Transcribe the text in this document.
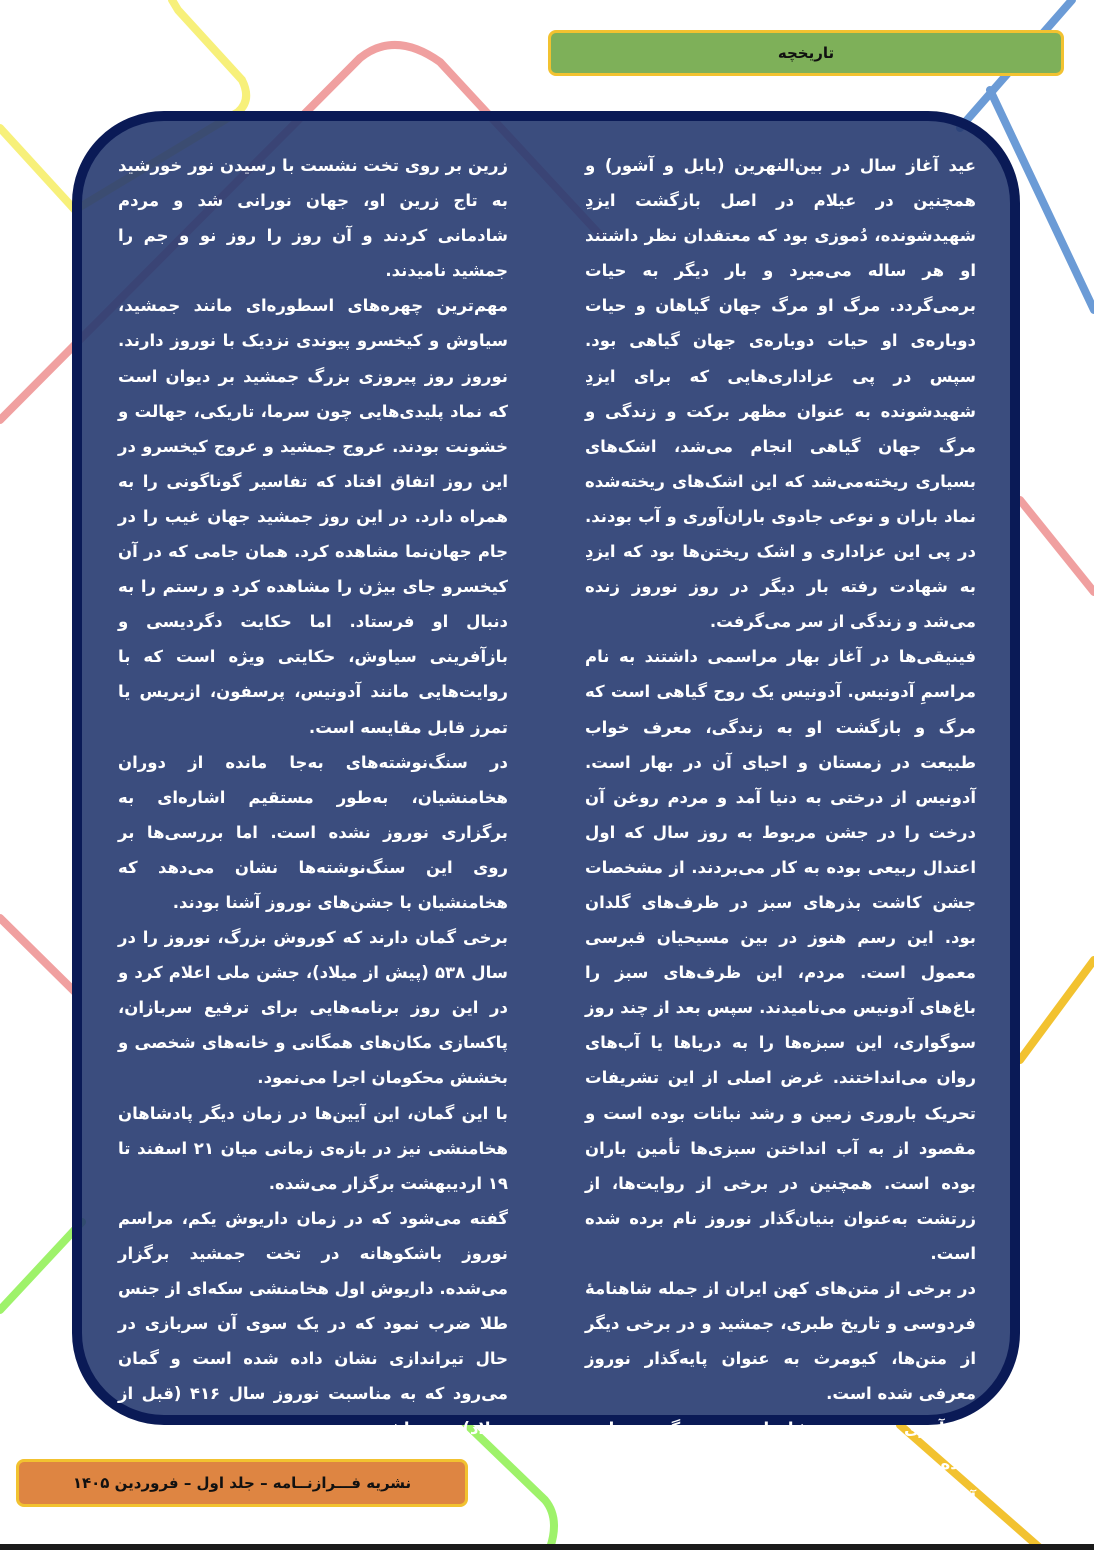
تاریخچه

عید آغاز سال در بین‌النهرین (بابل و آشور) و همچنین در عیلام در اصل بازگشت ایزدِ شهیدشونده، دُموزی بود که معتقدان نظر داشتند او هر ساله می‌میرد و بار دیگر به حیات برمی‌گردد. مرگ او مرگ جهان گیاهان و حیات دوباره‌ی او حیات دوباره‌ی جهان گیاهی بود. سپس در پی عزاداری‌هایی که برای ایزدِ شهیدشونده به عنوان مظهر برکت و زندگی و مرگ جهان گیاهی انجام می‌شد، اشک‌های بسیاری ریخته‌می‌شد که این اشک‌های ریخته‌شده نماد باران و نوعی جادوی باران‌آوری و آب بودند. در پی این عزاداری و اشک ریختن‌ها بود که ایزدِ به شهادت رفته بار دیگر در روز نوروز زنده می‌شد و زندگی از سر می‌گرفت.

فینیقی‌ها در آغاز بهار مراسمی داشتند به نام مراسمِ آدونیس. آدونیس یک روح گیاهی است که مرگ و بازگشت او به زندگی، معرف خواب طبیعت در زمستان و احیای آن در بهار است. آدونیس از درختی به دنیا آمد و مردم روغن آن درخت را در جشن مربوط به روز سال که اول اعتدال ربیعی بوده به کار می‌بردند. از مشخصات جشن کاشت بذرهای سبز در ظرف‌های گلدان بود. این رسم هنوز در بین مسیحیان قبرسی معمول است. مردم، این ظرف‌های سبز را باغ‌های آدونیس می‌نامیدند. سپس بعد از چند روز سوگواری، این سبزه‌ها را به دریاها یا آب‌های روان می‌انداختند. غرض اصلی از این تشریفات تحریک باروری زمین و رشد نباتات بوده است و مقصود از به آب انداختن سبزی‌ها تأمین باران بوده است. همچنین در برخی از روایت‌ها، از زرتشت به‌عنوان بنیان‌گذار نوروز نام برده شده است.

در برخی از متن‌های کهن ایران از جمله شاهنامۀ فردوسی و تاریخ طبری، جمشید و در برخی دیگر از متن‌ها، کیومرث به عنوان پایه‌گذار نوروز معرفی شده است.

پدیدآوری نوروز در شاهنامه، بدین گونه روایت شده است که: جم(یما) در حال گذشتن از آذربایجان، بر روی ارگ جمشید (تخت جمشید) فرود آمد و با تاجی

زرین بر روی تخت نشست با رسیدن نور خورشید به تاج زرین او، جهان نورانی شد و مردم شادمانی کردند و آن روز را روز نو و جم را جمشید نامیدند.

مهم‌ترین چهره‌های اسطوره‌ای مانند جمشید، سیاوش و کیخسرو پیوندی نزدیک با نوروز دارند. نوروز روز پیروزی بزرگ جمشید بر دیوان است که نماد پلیدی‌هایی چون سرما، تاریکی، جهالت و خشونت بودند. عروج جمشید و عروج کیخسرو در این روز اتفاق افتاد که تفاسیر گوناگونی را به همراه دارد. در این روز جمشید جهان غیب را در جام جهان‌نما مشاهده کرد. همان جامی که در آن کیخسرو جای بیژن را مشاهده کرد و رستم را به دنبال او فرستاد. اما حکایت دگردیسی و بازآفرینی سیاوش، حکایتی ویژه است که با روایت‌هایی مانند آدونیس، پرسفون، ازیریس یا تمرز قابل مقایسه است.

در سنگ‌نوشته‌های به‌جا مانده از دوران هخامنشیان، به‌طور مستقیم اشاره‌ای به برگزاری نوروز نشده است. اما بررسی‌ها بر روی این سنگ‌نوشته‌ها نشان می‌دهد که هخامنشیان با جشن‌های نوروز آشنا بودند.

برخی گمان دارند که کوروش بزرگ، نوروز را در سال ۵۳۸ (پیش از میلاد)، جشن ملی اعلام کرد و در این روز برنامه‌هایی برای ترفیع سربازان، پاکسازی مکان‌های همگانی و خانه‌های شخصی و بخشش محکومان اجرا می‌نمود.

با این گمان، این آیین‌ها در زمان دیگر پادشاهان هخامنشی نیز در بازه‌ی زمانی میان ۲۱ اسفند تا ۱۹ اردیبهشت برگزار می‌شده.

گفته می‌شود که در زمان داریوش یکم، مراسم نوروز باشکوهانه در تخت جمشید برگزار می‌شده. داریوش اول هخامنشی سکه‌ای از جنس طلا ضرب نمود که در یک سوی آن سربازی در حال تیراندازی نشان داده شده است و گمان می‌رود که به مناسبت نوروز سال ۴۱۶ (قبل از میلاد) بوده باشد.

نشریه فـــرازنــامه – جلد اول – فروردین ۱۴۰۵
